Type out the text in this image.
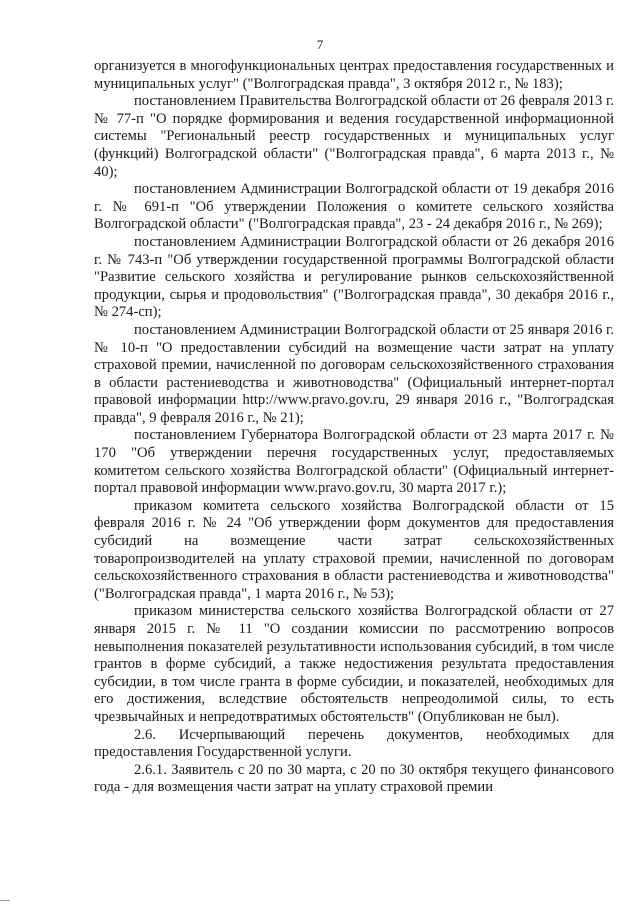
7

организуется в многофункциональных центрах предоставления государственных и муниципальных услуг" ("Волгоградская правда", 3 октября 2012 г., № 183);

постановлением Правительства Волгоградской области от 26 февраля 2013 г. № 77-п "О порядке формирования и ведения государственной информационной системы "Региональный реестр государственных и муниципальных услуг (функций) Волгоградской области" ("Волгоградская правда", 6 марта 2013 г., № 40);

постановлением Администрации Волгоградской области от 19 декабря 2016 г. № 691-п "Об утверждении Положения о комитете сельского хозяйства Волгоградской области" ("Волгоградская правда", 23 - 24 декабря 2016 г., № 269);

постановлением Администрации Волгоградской области от 26 декабря 2016 г. № 743-п "Об утверждении государственной программы Волгоградской области "Развитие сельского хозяйства и регулирование рынков сельскохозяйственной продукции, сырья и продовольствия" ("Волгоградская правда", 30 декабря 2016 г., № 274-сп);

постановлением Администрации Волгоградской области от 25 января 2016 г. № 10-п "О предоставлении субсидий на возмещение части затрат на уплату страховой премии, начисленной по договорам сельскохозяйственного страхования в области растениеводства и животноводства" (Официальный интернет-портал правовой информации http://www.pravo.gov.ru, 29 января 2016 г., "Волгоградская правда", 9 февраля 2016 г., № 21);

постановлением Губернатора Волгоградской области от 23 марта 2017 г. № 170 "Об утверждении перечня государственных услуг, предоставляемых комитетом сельского хозяйства Волгоградской области" (Официальный интернет-портал правовой информации www.pravo.gov.ru, 30 марта 2017 г.);

приказом комитета сельского хозяйства Волгоградской области от 15 февраля 2016 г. № 24 "Об утверждении форм документов для предоставления субсидий на возмещение части затрат сельскохозяйственных товаропроизводителей на уплату страховой премии, начисленной по договорам сельскохозяйственного страхования в области растениеводства и животноводства" ("Волгоградская правда", 1 марта 2016 г., № 53);

приказом министерства сельского хозяйства Волгоградской области от 27 января 2015 г. № 11 "О создании комиссии по рассмотрению вопросов невыполнения показателей результативности использования субсидий, в том числе грантов в форме субсидий, а также недостижения результата предоставления субсидии, в том числе гранта в форме субсидии, и показателей, необходимых для его достижения, вследствие обстоятельств непреодолимой силы, то есть чрезвычайных и непредотвратимых обстоятельств" (Опубликован не был).

2.6. Исчерпывающий перечень документов, необходимых для предоставления Государственной услуги.

2.6.1. Заявитель с 20 по 30 марта, с 20 по 30 октября текущего финансового года - для возмещения части затрат на уплату страховой премии
